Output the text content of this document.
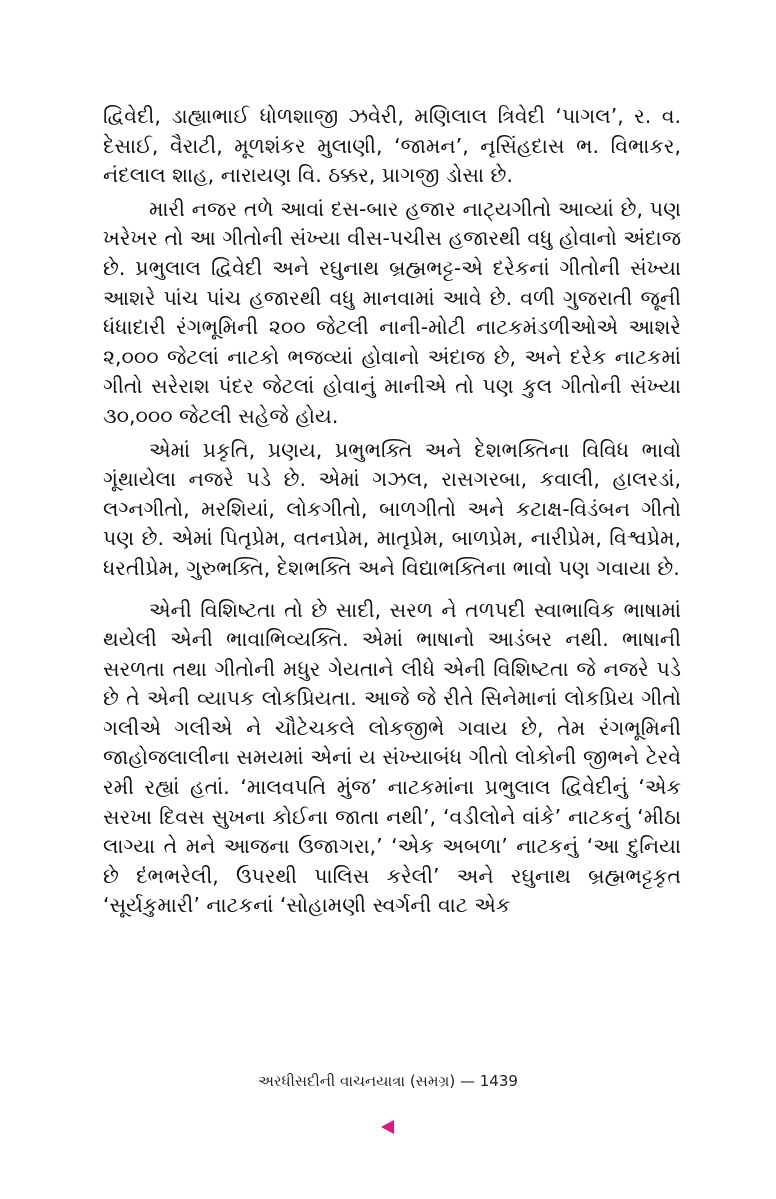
દ્વિવેદી, ડાહ્યાભાઈ ધોળશાજી ઝવેરી, મણિલાલ ત્રિવેદી ‘પાગલ’, ર. વ. દેસાઈ, વૈરાટી, મૂળશંકર મુલાણી, ‘જામન’, નૃસિંહદાસ ભ. વિભાકર, નંદલાલ શાહ, નારાયણ વિ. ઠક્કર, પ્રાગજી ડોસા છે.

મારી નજર તળે આવાં દસ-બાર હજાર નાટ્યગીતો આવ્યાં છે, પણ ખરેખર તો આ ગીતોની સંખ્યા વીસ-પચીસ હજારથી વધુ હોવાનો અંદાજ છે. પ્રભુલાલ દ્વિવેદી અને રઘુનાથ બ્રહ્મભટ્ટ-એ દરેકનાં ગીતોની સંખ્યા આશરે પાંચ પાંચ હજારથી વધુ માનવામાં આવે છે. વળી ગુજરાતી જૂની ધંધાદારી રંગભૂમિની ૨૦૦ જેટલી નાની-મોટી નાટકમંડળીઓએ આશરે ૨,૦૦૦ જેટલાં નાટકો ભજવ્યાં હોવાનો અંદાજ છે, અને દરેક નાટકમાં ગીતો સરેરાશ પંદર જેટલાં હોવાનું માનીએ તો પણ કુલ ગીતોની સંખ્યા ૩૦,૦૦૦ જેટલી સહેજે હોય.

એમાં પ્રકૃતિ, પ્રણય, પ્રભુભક્તિ અને દેશભક્તિના વિવિધ ભાવો ગૂંથાયેલા નજરે પડે છે. એમાં ગઝલ, રાસગરબા, કવાલી, હાલરડાં, લગ્નગીતો, મરશિયાં, લોકગીતો, બાળગીતો અને કટાક્ષ-વિડંબન ગીતો પણ છે. એમાં પિતૃપ્રેમ, વતનપ્રેમ, માતૃપ્રેમ, બાળપ્રેમ, નારીપ્રેમ, વિશ્વપ્રેમ, ધરતીપ્રેમ, ગુરુભક્તિ, દેશભક્તિ અને વિદ્યાભક્તિના ભાવો પણ ગવાયા છે.

એની વિશિષ્ટતા તો છે સાદી, સરળ ને તળપદી સ્વાભાવિક ભાષામાં થયેલી એની ભાવાભિવ્યક્તિ. એમાં ભાષાનો આડંબર નથી. ભાષાની સરળતા તથા ગીતોની મધુર ગેયતાને લીધે એની વિશિષ્ટતા જે નજરે પડે છે તે એની વ્યાપક લોકપ્રિયતા. આજે જે રીતે સિનેમાનાં લોકપ્રિય ગીતો ગલીએ ગલીએ ને ચૌટેચકલે લોકજીભે ગવાય છે, તેમ રંગભૂમિની જાહોજલાલીના સમયમાં એનાં ય સંખ્યાબંધ ગીતો લોકોની જીભને ટેરવે રમી રહ્યાં હતાં. ‘માલવપતિ મુંજ’ નાટકમાંના પ્રભુલાલ દ્વિવેદીનું ‘એક સરખા દિવસ સુખના કોઈના જાતા નથી’, ‘વડીલોને વાંકે’ નાટકનું ‘મીઠા લાગ્યા તે મને આજના ઉજાગરા,’ ‘એક અબળા’ નાટકનું ‘આ દુનિયા છે દંભભરેલી, ઉપરથી પાલિસ કરેલી’ અને રઘુનાથ બ્રહ્મભટ્ટકૃત ‘સૂર્યકુમારી’ નાટકનાં ‘સોહામણી સ્વર્ગની વાટ એક

અરધીસદીની વાચનયાત્રા (સમગ્ર) — 1439
